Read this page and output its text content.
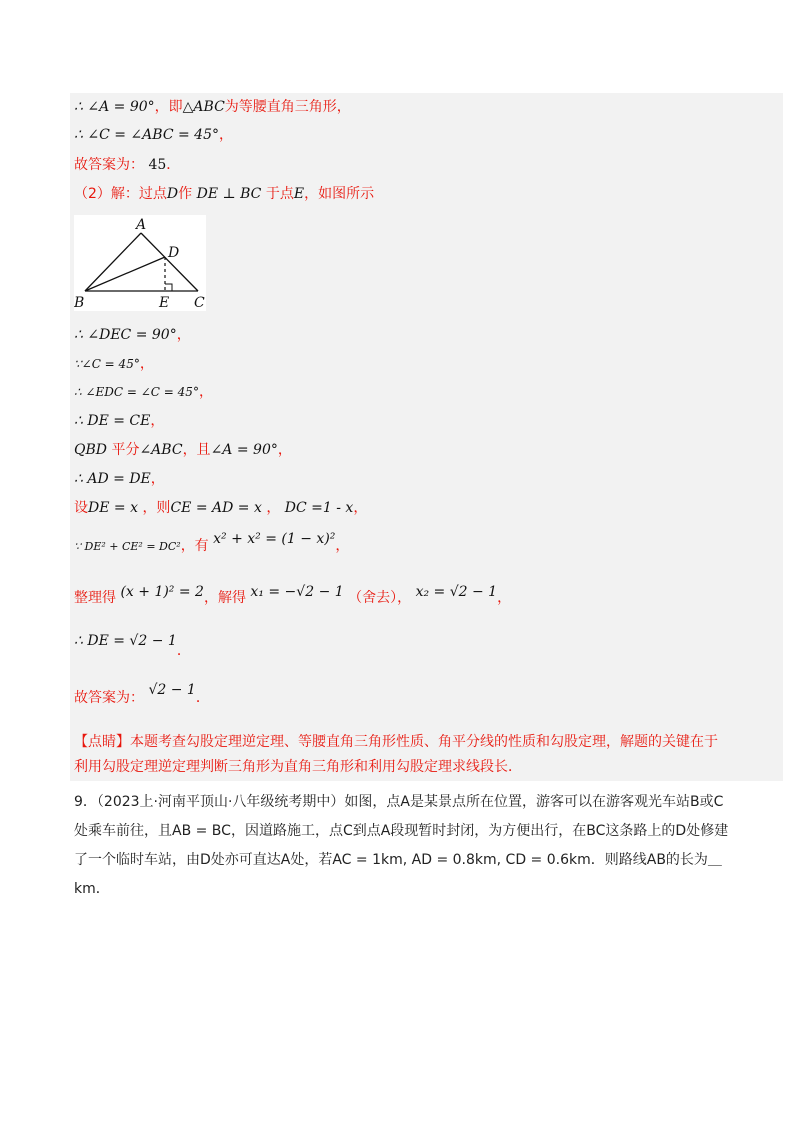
∴ ∠A = 90°，即△ABC为等腰直角三角形，
∴ ∠C = ∠ABC = 45°，
故答案为： 45．
（2）解：过点D作 DE ⊥ BC 于点E，如图所示
A
B	C
D
E
∴ ∠DEC = 90°，
∵∠C = 45°，
∴ ∠EDC = ∠C = 45°，
∴ DE = CE，
QBD 平分∠ABC，且∠A = 90°，
∴ AD = DE，
设DE = x ，则CE = AD = x ， DC =1 - x，
∵ DE² + CE² = DC²，有 x² + x² = (1 − x)²，
整理得 (x + 1)² = 2，解得 x₁ = −√2 − 1 （舍去）， x₂ = √2 − 1，
∴ DE = √2 − 1．
故答案为： √2 − 1．
【点睛】本题考查勾股定理逆定理、等腰直角三角形性质、角平分线的性质和勾股定理，解题的关键在于利用勾股定理逆定理判断三角形为直角三角形和利用勾股定理求线段长．
9．（2023上·河南平顶山·八年级统考期中）如图，点A是某景点所在位置，游客可以在游客观光车站B或C处乘车前往，且AB = BC，因道路施工，点C到点A段现暂时封闭，为方便出行，在BC这条路上的D处修建了一个临时车站，由D处亦可直达A处，若AC = 1km, AD = 0.8km, CD = 0.6km．则路线AB的长为＿km．
